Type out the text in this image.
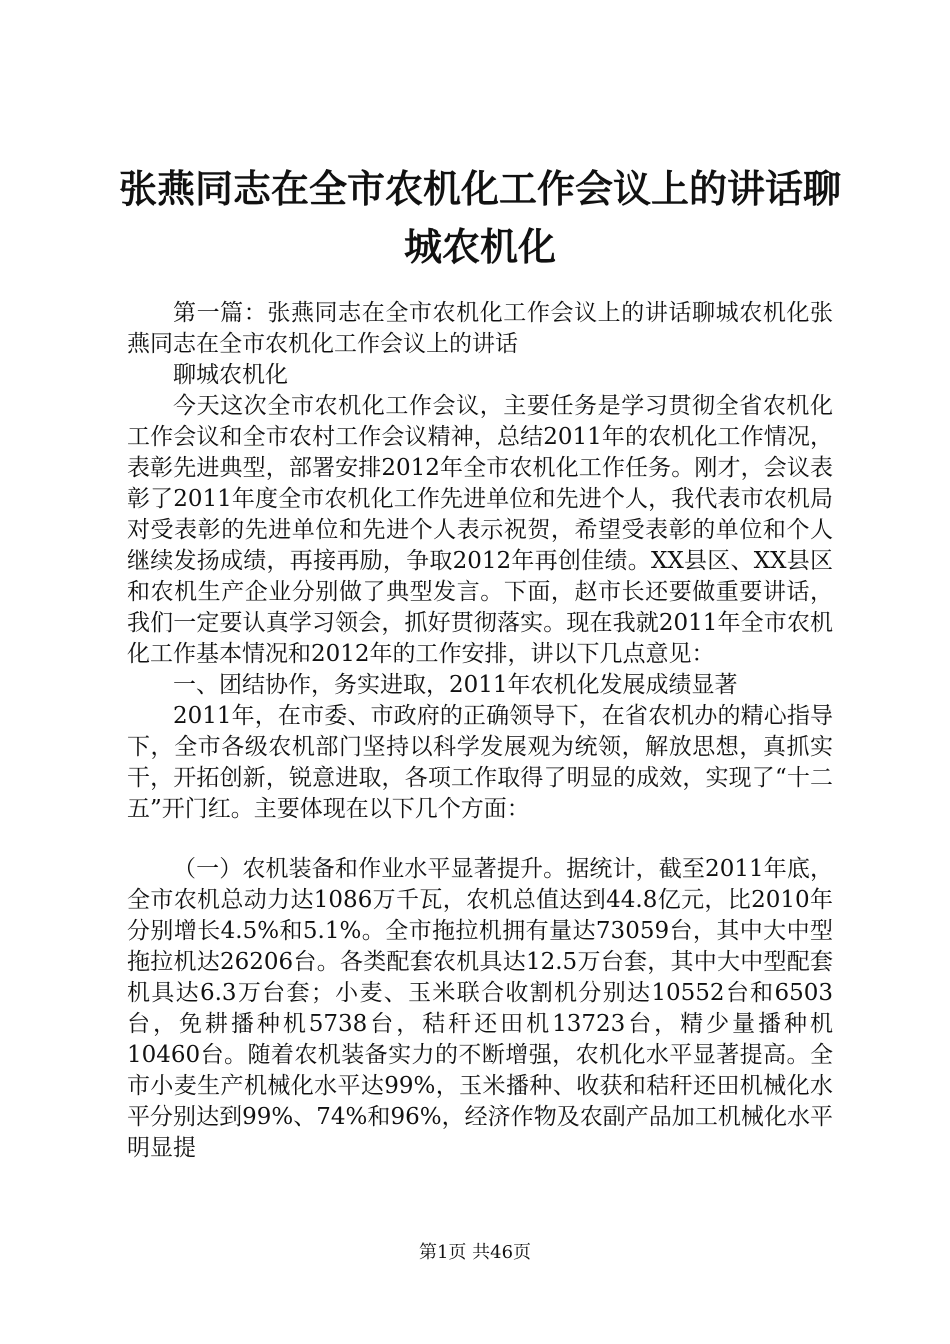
张燕同志在全市农机化工作会议上的讲话聊城农机化

第一篇：张燕同志在全市农机化工作会议上的讲话聊城农机化张燕同志在全市农机化工作会议上的讲话

聊城农机化

今天这次全市农机化工作会议，主要任务是学习贯彻全省农机化工作会议和全市农村工作会议精神，总结2011年的农机化工作情况，表彰先进典型，部署安排2012年全市农机化工作任务。刚才，会议表彰了2011年度全市农机化工作先进单位和先进个人，我代表市农机局对受表彰的先进单位和先进个人表示祝贺，希望受表彰的单位和个人继续发扬成绩，再接再励，争取2012年再创佳绩。XX县区、XX县区和农机生产企业分别做了典型发言。下面，赵市长还要做重要讲话，我们一定要认真学习领会，抓好贯彻落实。现在我就2011年全市农机化工作基本情况和2012年的工作安排，讲以下几点意见：

一、团结协作，务实进取，2011年农机化发展成绩显著

2011年，在市委、市政府的正确领导下，在省农机办的精心指导下，全市各级农机部门坚持以科学发展观为统领，解放思想，真抓实干，开拓创新，锐意进取，各项工作取得了明显的成效，实现了“十二五”开门红。主要体现在以下几个方面：

（一）农机装备和作业水平显著提升。据统计，截至2011年底，全市农机总动力达1086万千瓦，农机总值达到44.8亿元，比2010年分别增长4.5%和5.1%。全市拖拉机拥有量达73059台，其中大中型拖拉机达26206台。各类配套农机具达12.5万台套，其中大中型配套机具达6.3万台套；小麦、玉米联合收割机分别达10552台和6503台，免耕播种机5738台，秸秆还田机13723台，精少量播种机10460台。随着农机装备实力的不断增强，农机化水平显著提高。全市小麦生产机械化水平达99%，玉米播种、收获和秸秆还田机械化水平分别达到99%、74%和96%，经济作物及农副产品加工机械化水平明显提

第1页 共46页
